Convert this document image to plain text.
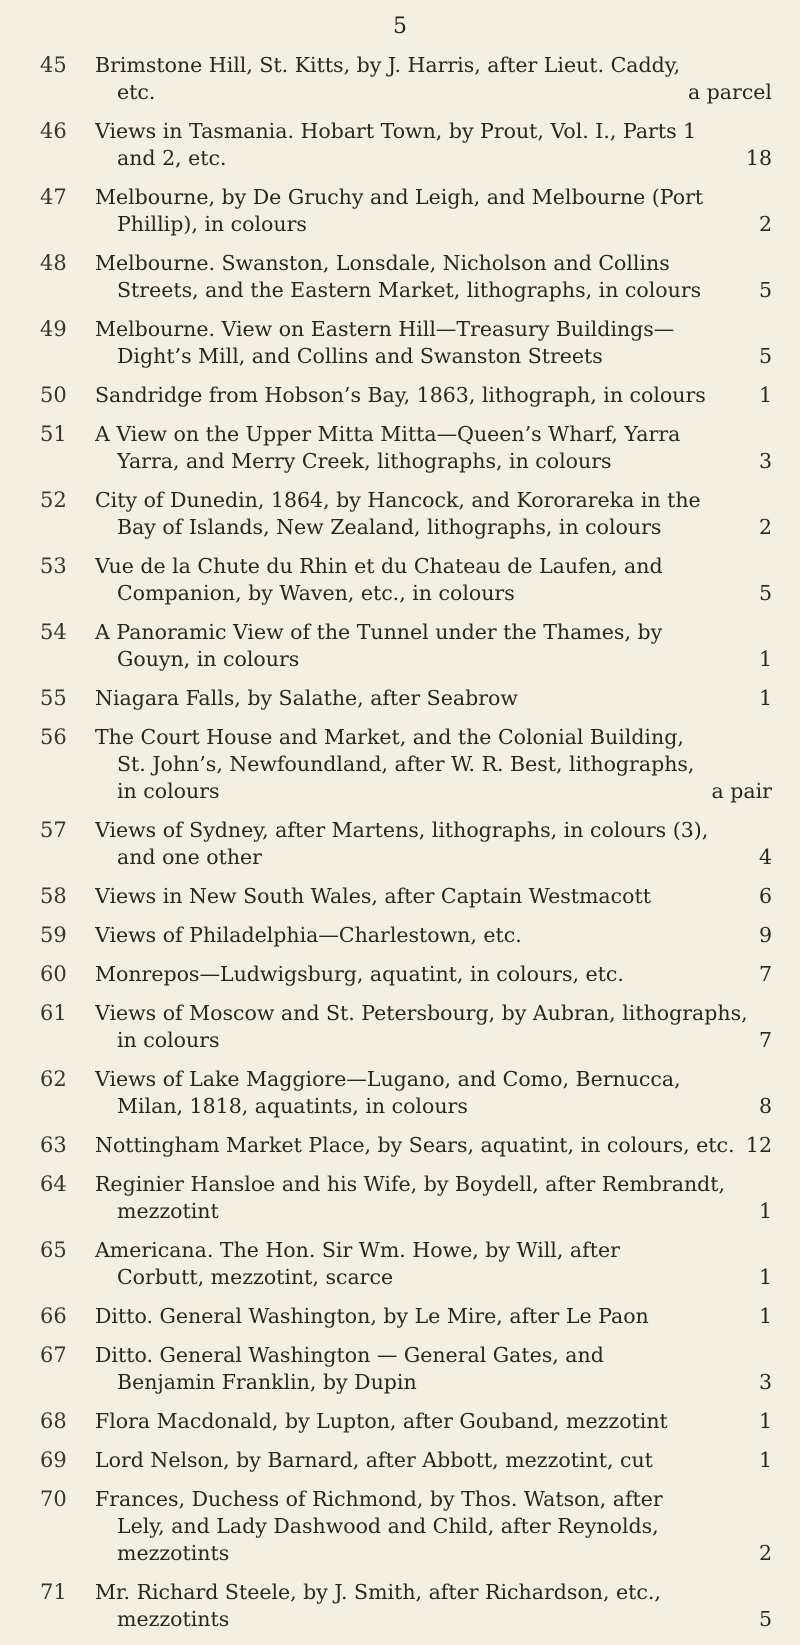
5
45 Brimstone Hill, St. Kitts, by J. Harris, after Lieut. Caddy,
etc.	a parcel
46 Views in Tasmania. Hobart Town, by Prout, Vol. I., Parts 1
and 2, etc.	18
47 Melbourne, by De Gruchy and Leigh, and Melbourne (Port
Phillip), in colours	2
48 Melbourne. Swanston, Lonsdale, Nicholson and Collins
Streets, and the Eastern Market, lithographs, in colours	5
49 Melbourne. View on Eastern Hill—Treasury Buildings—
Dight’s Mill, and Collins and Swanston Streets	5
50 Sandridge from Hobson’s Bay, 1863, lithograph, in colours	1
51 A View on the Upper Mitta Mitta—Queen’s Wharf, Yarra
Yarra, and Merry Creek, lithographs, in colours	3
52 City of Dunedin, 1864, by Hancock, and Kororareka in the
Bay of Islands, New Zealand, lithographs, in colours	2
53 Vue de la Chute du Rhin et du Chateau de Laufen, and
Companion, by Waven, etc., in colours	5
54 A Panoramic View of the Tunnel under the Thames, by
Gouyn, in colours	1
55 Niagara Falls, by Salathe, after Seabrow	1
56 The Court House and Market, and the Colonial Building,
St. John’s, Newfoundland, after W. R. Best, lithographs,
in colours	a pair
57 Views of Sydney, after Martens, lithographs, in colours (3),
and one other	4
58 Views in New South Wales, after Captain Westmacott	6
59 Views of Philadelphia—Charlestown, etc.	9
60 Monrepos—Ludwigsburg, aquatint, in colours, etc.	7
61 Views of Moscow and St. Petersbourg, by Aubran, lithographs,
in colours	7
62 Views of Lake Maggiore—Lugano, and Como, Bernucca,
Milan, 1818, aquatints, in colours	8
63 Nottingham Market Place, by Sears, aquatint, in colours, etc. 12
64 Reginier Hansloe and his Wife, by Boydell, after Rembrandt,
mezzotint	1
65 Americana. The Hon. Sir Wm. Howe, by Will, after
Corbutt, mezzotint, scarce	1
66 Ditto. General Washington, by Le Mire, after Le Paon	1
67 Ditto. General Washington — General Gates, and
Benjamin Franklin, by Dupin	3
68 Flora Macdonald, by Lupton, after Gouband, mezzotint	1
69 Lord Nelson, by Barnard, after Abbott, mezzotint, cut	1
70 Frances, Duchess of Richmond, by Thos. Watson, after
Lely, and Lady Dashwood and Child, after Reynolds,
mezzotints	2
71 Mr. Richard Steele, by J. Smith, after Richardson, etc.,
mezzotints	5
